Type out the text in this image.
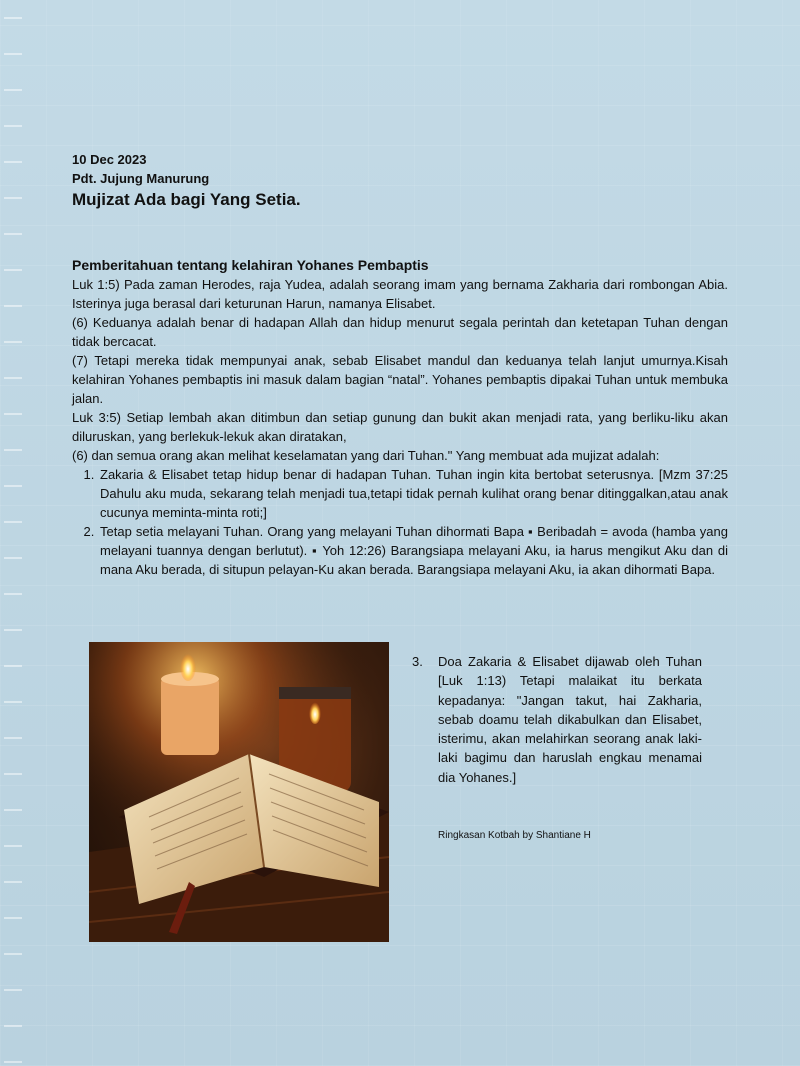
10 Dec 2023
Pdt. Jujung Manurung
Mujizat Ada bagi Yang Setia.
Pemberitahuan tentang kelahiran Yohanes Pembaptis
Luk 1:5) Pada zaman Herodes, raja Yudea, adalah seorang imam yang bernama Zakharia dari rombongan Abia. Isterinya juga berasal dari keturunan Harun, namanya Elisabet.
(6) Keduanya adalah benar di hadapan Allah dan hidup menurut segala perintah dan ketetapan Tuhan dengan tidak bercacat.
(7) Tetapi mereka tidak mempunyai anak, sebab Elisabet mandul dan keduanya telah lanjut umurnya.Kisah kelahiran Yohanes pembaptis ini masuk dalam bagian “natal”. Yohanes pembaptis dipakai Tuhan untuk membuka jalan.
Luk 3:5) Setiap lembah akan ditimbun dan setiap gunung dan bukit akan menjadi rata, yang berliku-liku akan diluruskan, yang berlekuk-lekuk akan diratakan,
(6) dan semua orang akan melihat keselamatan yang dari Tuhan." Yang membuat ada mujizat adalah:
1. Zakaria & Elisabet tetap hidup benar di hadapan Tuhan. Tuhan ingin kita bertobat seterusnya. [Mzm 37:25 Dahulu aku muda, sekarang telah menjadi tua,tetapi tidak pernah kulihat orang benar ditinggalkan,atau anak cucunya meminta-minta roti;]
2. Tetap setia melayani Tuhan. Orang yang melayani Tuhan dihormati Bapa ▪ Beribadah = avoda (hamba yang melayani tuannya dengan berlutut). ▪ Yoh 12:26) Barangsiapa melayani Aku, ia harus mengikut Aku dan di mana Aku berada, di situpun pelayan-Ku akan berada. Barangsiapa melayani Aku, ia akan dihormati Bapa.
3.	Doa Zakaria & Elisabet dijawab oleh Tuhan [Luk 1:13) Tetapi malaikat itu berkata kepadanya: "Jangan takut, hai Zakharia, sebab doamu telah dikabulkan dan Elisabet, isterimu, akan melahirkan seorang anak laki-laki bagimu dan haruslah engkau menamai dia Yohanes.]
Ringkasan Kotbah by Shantiane H
